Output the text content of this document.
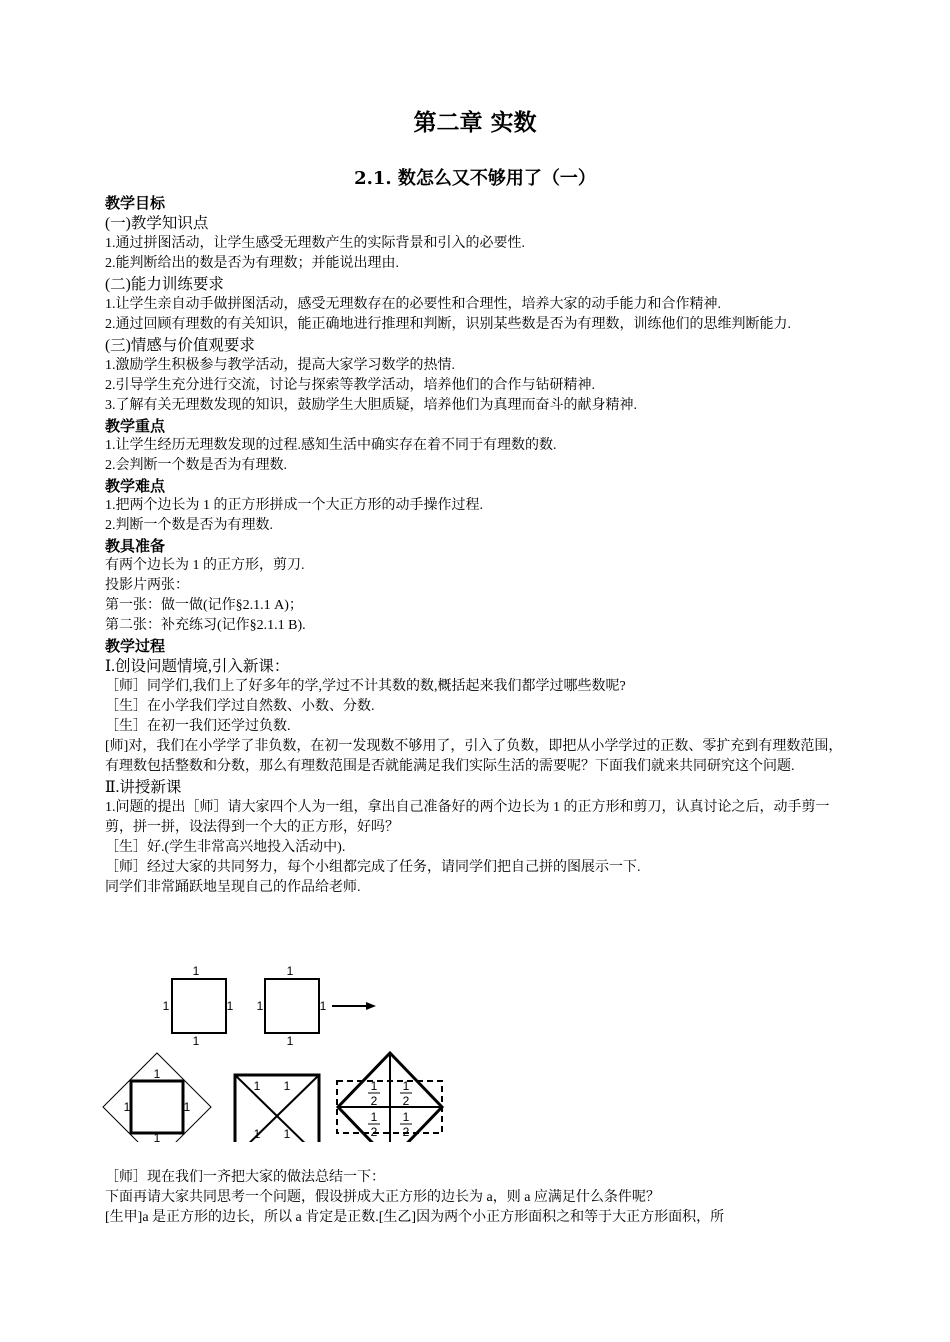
第二章 实数
2.1. 数怎么又不够用了（一）

教学目标

(一)教学知识点

1.通过拼图活动，让学生感受无理数产生的实际背景和引入的必要性.

2.能判断给出的数是否为有理数；并能说出理由.

(二)能力训练要求

1.让学生亲自动手做拼图活动，感受无理数存在的必要性和合理性，培养大家的动手能力和合作精神.

2.通过回顾有理数的有关知识，能正确地进行推理和判断，识别某些数是否为有理数，训练他们的思维判断能力.

(三)情感与价值观要求

1.激励学生积极参与教学活动，提高大家学习数学的热情.

2.引导学生充分进行交流，讨论与探索等教学活动，培养他们的合作与钻研精神.

3.了解有关无理数发现的知识，鼓励学生大胆质疑，培养他们为真理而奋斗的献身精神.

教学重点

1.让学生经历无理数发现的过程.感知生活中确实存在着不同于有理数的数.

2.会判断一个数是否为有理数.

教学难点

1.把两个边长为 1 的正方形拼成一个大正方形的动手操作过程.

2.判断一个数是否为有理数.

教具准备

有两个边长为 1 的正方形，剪刀.

投影片两张：

第一张：做一做(记作§2.1.1 A)；

第二张：补充练习(记作§2.1.1 B).

教学过程

Ⅰ.创设问题情境,引入新课：

［师］同学们,我们上了好多年的学,学过不计其数的数,概括起来我们都学过哪些数呢?

［生］在小学我们学过自然数、小数、分数.

［生］在初一我们还学过负数.

[师]对，我们在小学学了非负数，在初一发现数不够用了，引入了负数，即把从小学学过的正数、零扩充到有理数范围，有理数包括整数和分数，那么有理数范围是否就能满足我们实际生活的需要呢？下面我们就来共同研究这个问题.

Ⅱ.讲授新课

1.问题的提出［师］请大家四个人为一组，拿出自己准备好的两个边长为 1 的正方形和剪刀，认真讨论之后，动手剪一剪，拼一拼，设法得到一个大的正方形，好吗？

［生］好.(学生非常高兴地投入活动中).

［师］经过大家的共同努力，每个小组都完成了任务，请同学们把自己拼的图展示一下.

同学们非常踊跃地呈现自己的作品给老师.

1
1
1	1
1
1
1	1
1
1
1	1
1 1
1 1
1
2
1
2
1
2
1
2

［师］现在我们一齐把大家的做法总结一下：

下面再请大家共同思考一个问题，假设拼成大正方形的边长为 a，则 a 应满足什么条件呢？

[生甲]a 是正方形的边长，所以 a 肯定是正数.[生乙]因为两个小正方形面积之和等于大正方形面积，所
